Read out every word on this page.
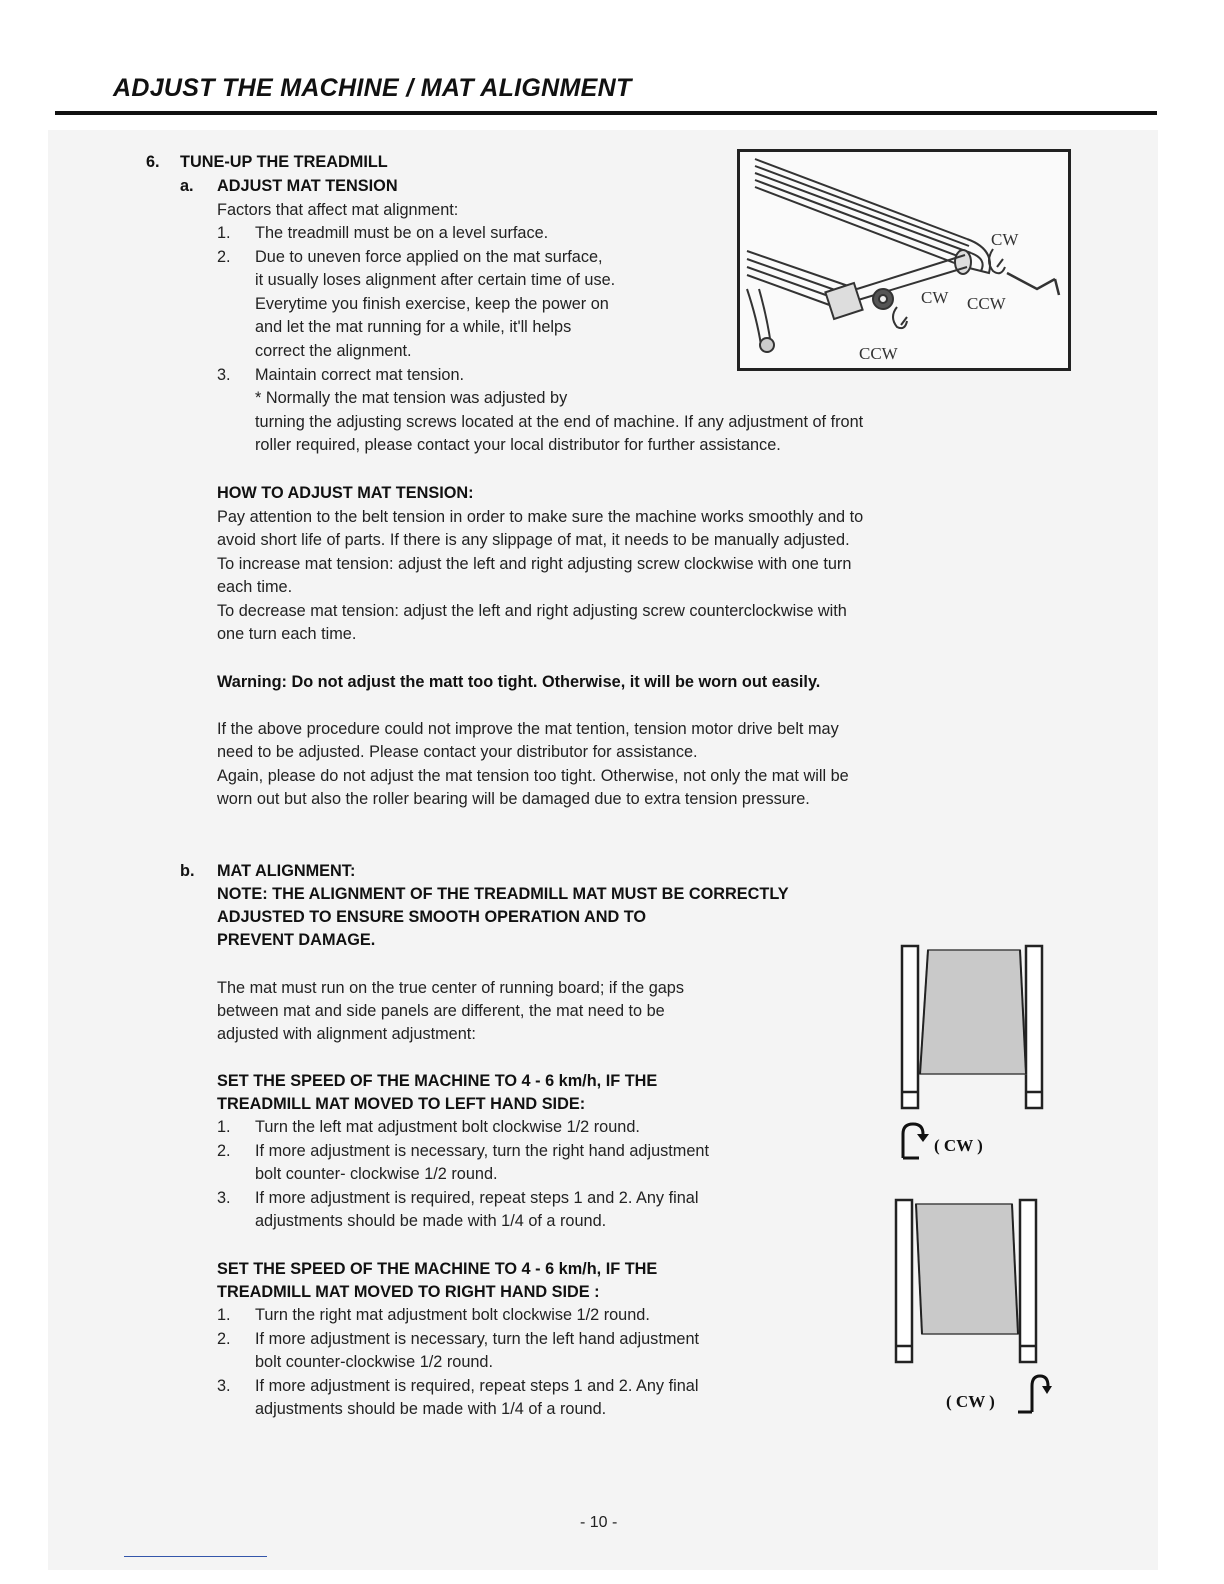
ADJUST THE MACHINE / MAT ALIGNMENT
6. TUNE-UP THE TREADMILL
a. ADJUST MAT TENSION
Factors that affect mat alignment:
1. The treadmill must be on a level surface.
2. Due to uneven force applied on the mat surface,
it usually loses alignment after certain time of use.
Everytime you finish exercise, keep the power on
and let the mat running for a while, it'll helps
correct the alignment.
3. Maintain correct mat tension.
* Normally the mat tension was adjusted by
turning the adjusting screws located at the end of machine. If any adjustment of front
roller required, please contact your local distributor for further assistance.
CW
CW CCW
CCW
HOW TO ADJUST MAT TENSION:
Pay attention to the belt tension in order to make sure the machine works smoothly and to
avoid short life of parts. If there is any slippage of mat, it needs to be manually adjusted.
To increase mat tension: adjust the left and right adjusting screw clockwise with one turn
each time.
To decrease mat tension: adjust the left and right adjusting screw counterclockwise with
one turn each time.
Warning: Do not adjust the matt too tight. Otherwise, it will be worn out easily.
If the above procedure could not improve the mat tention, tension motor drive belt may
need to be adjusted. Please contact your distributor for assistance.
Again, please do not adjust the mat tension too tight. Otherwise, not only the mat will be
worn out but also the roller bearing will be damaged due to extra tension pressure.
b. MAT ALIGNMENT:
NOTE: THE ALIGNMENT OF THE TREADMILL MAT MUST BE CORRECTLY
ADJUSTED TO ENSURE SMOOTH OPERATION AND TO
PREVENT DAMAGE.
The mat must run on the true center of running board; if the gaps
between mat and side panels are different, the mat need to be
adjusted with alignment adjustment:
SET THE SPEED OF THE MACHINE TO 4 - 6 km/h, IF THE
TREADMILL MAT MOVED TO LEFT HAND SIDE:
1. Turn the left mat adjustment bolt clockwise 1/2 round.
2. If more adjustment is necessary, turn the right hand adjustment
bolt counter- clockwise 1/2 round.
3. If more adjustment is required, repeat steps 1 and 2. Any final
adjustments should be made with 1/4 of a round.
SET THE SPEED OF THE MACHINE TO 4 - 6 km/h, IF THE
TREADMILL MAT MOVED TO RIGHT HAND SIDE :
1. Turn the right mat adjustment bolt clockwise 1/2 round.
2. If more adjustment is necessary, turn the left hand adjustment
bolt counter-clockwise 1/2 round.
3. If more adjustment is required, repeat steps 1 and 2. Any final
adjustments should be made with 1/4 of a round.
( CW )
( CW )
- 10 -
